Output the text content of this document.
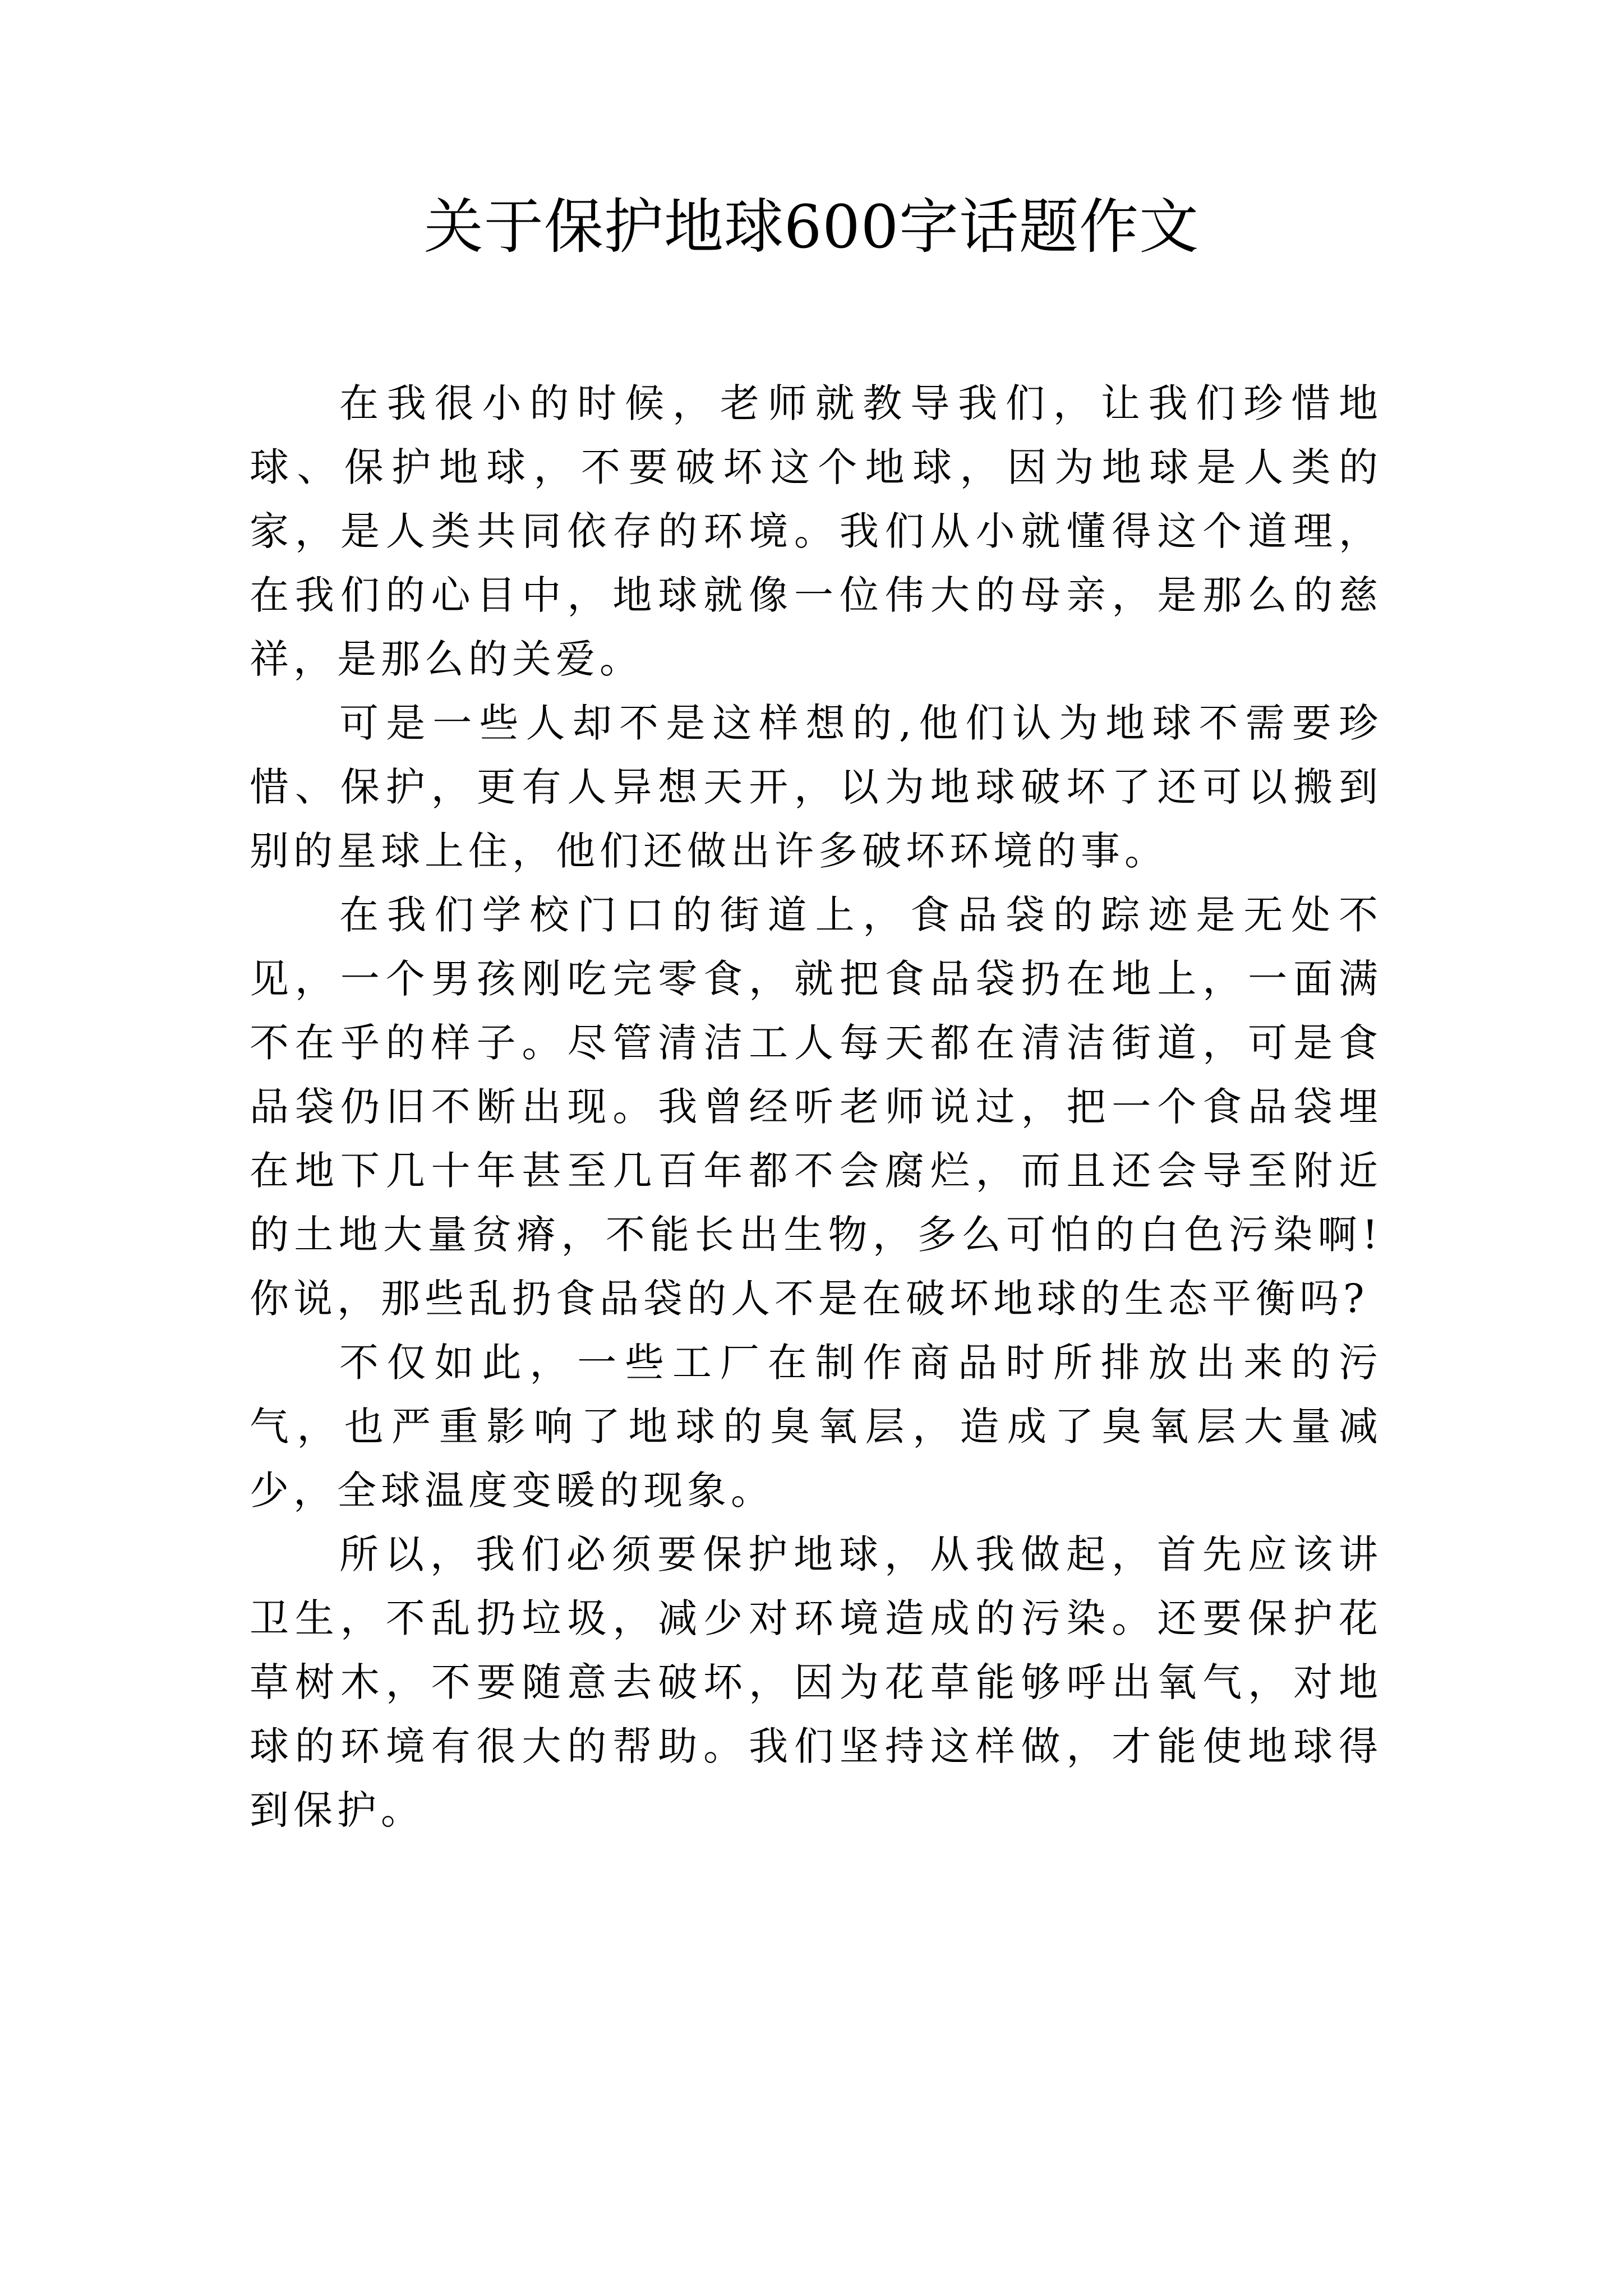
关于保护地球600字话题作文

在我很小的时候，老师就教导我们，让我们珍惜地球、保护地球，不要破坏这个地球，因为地球是人类的家，是人类共同依存的环境。我们从小就懂得这个道理，在我们的心目中，地球就像一位伟大的母亲，是那么的慈祥，是那么的关爱。

可是一些人却不是这样想的,他们认为地球不需要珍惜、保护，更有人异想天开，以为地球破坏了还可以搬到别的星球上住，他们还做出许多破坏环境的事。

在我们学校门口的街道上，食品袋的踪迹是无处不见，一个男孩刚吃完零食，就把食品袋扔在地上，一面满不在乎的样子。尽管清洁工人每天都在清洁街道，可是食品袋仍旧不断出现。我曾经听老师说过，把一个食品袋埋在地下几十年甚至几百年都不会腐烂，而且还会导至附近的土地大量贫瘠，不能长出生物，多么可怕的白色污染啊!你说，那些乱扔食品袋的人不是在破坏地球的生态平衡吗?

不仅如此，一些工厂在制作商品时所排放出来的污气，也严重影响了地球的臭氧层，造成了臭氧层大量减少，全球温度变暖的现象。

所以，我们必须要保护地球，从我做起，首先应该讲卫生，不乱扔垃圾，减少对环境造成的污染。还要保护花草树木，不要随意去破坏，因为花草能够呼出氧气，对地球的环境有很大的帮助。我们坚持这样做，才能使地球得到保护。
